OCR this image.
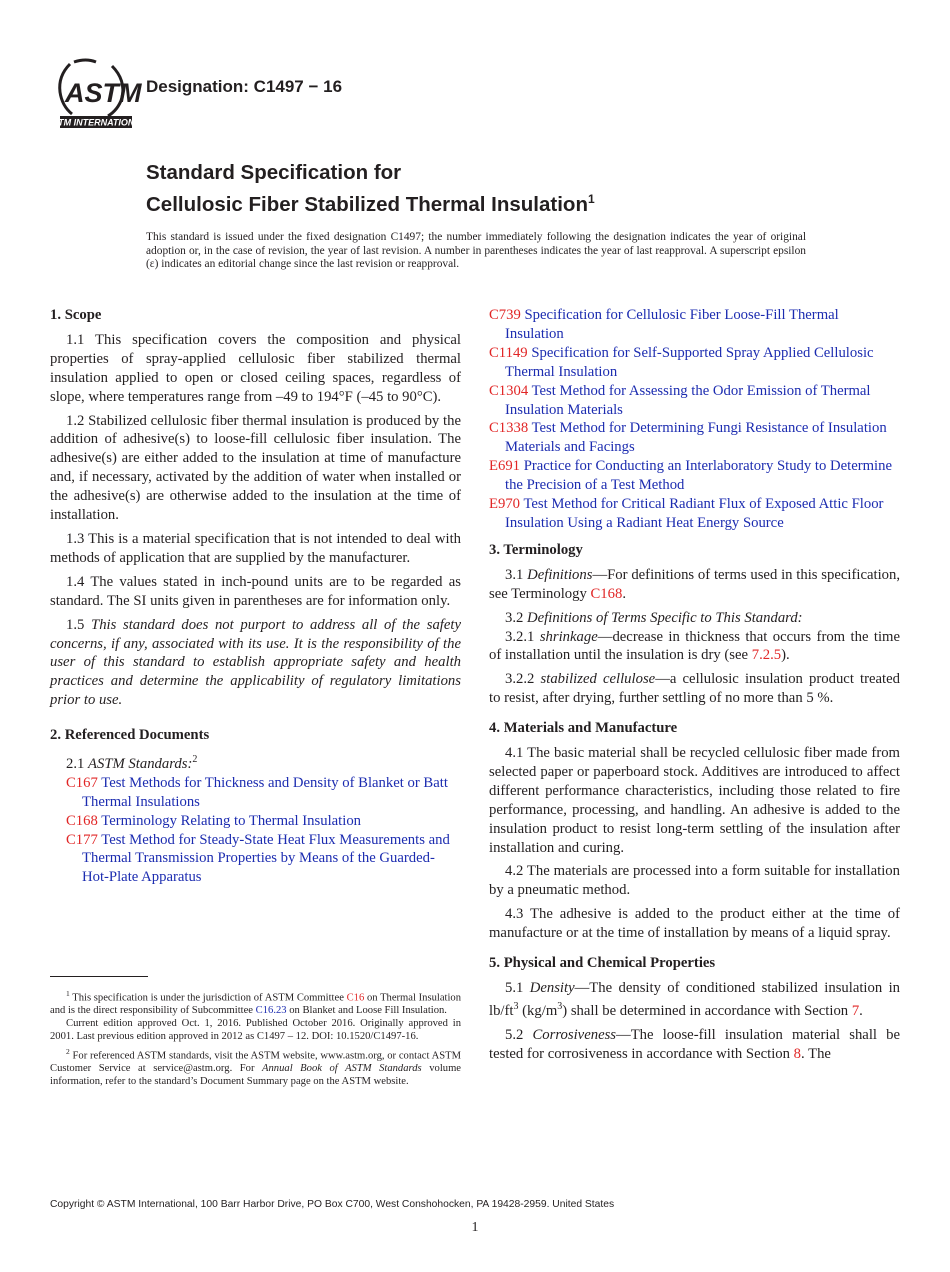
ASTM
ASTM INTERNATIONAL
Designation: C1497 − 16
Standard Specification for
Cellulosic Fiber Stabilized Thermal Insulation$^1$
This standard is issued under the fixed designation C1497; the number immediately following the designation indicates the year of original adoption or, in the case of revision, the year of last revision. A number in parentheses indicates the year of last reapproval. A superscript epsilon (ε) indicates an editorial change since the last revision or reapproval.
1. Scope

1.1 This specification covers the composition and physical properties of spray-applied cellulosic fiber stabilized thermal insulation applied to open or closed ceiling spaces, regardless of slope, where temperatures range from –49 to 194°F (–45 to 90°C).

1.2 Stabilized cellulosic fiber thermal insulation is produced by the addition of adhesive(s) to loose-fill cellulosic fiber insulation. The adhesive(s) are either added to the insulation at time of manufacture and, if necessary, activated by the addition of water when installed or the adhesive(s) are otherwise added to the insulation at the time of installation.

1.3 This is a material specification that is not intended to deal with methods of application that are supplied by the manufacturer.

1.4 The values stated in inch-pound units are to be regarded as standard. The SI units given in parentheses are for information only.

1.5 This standard does not purport to address all of the safety concerns, if any, associated with its use. It is the responsibility of the user of this standard to establish appropriate safety and health practices and determine the applicability of regulatory limitations prior to use.

2. Referenced Documents

2.1 ASTM Standards:$^2$

C167 Test Methods for Thickness and Density of Blanket or Batt Thermal Insulations
C168 Terminology Relating to Thermal Insulation
C177 Test Method for Steady-State Heat Flux Measurements and Thermal Transmission Properties by Means of the Guarded-Hot-Plate Apparatus
C739 Specification for Cellulosic Fiber Loose-Fill Thermal Insulation
C1149 Specification for Self-Supported Spray Applied Cellulosic Thermal Insulation
C1304 Test Method for Assessing the Odor Emission of Thermal Insulation Materials
C1338 Test Method for Determining Fungi Resistance of Insulation Materials and Facings
E691 Practice for Conducting an Interlaboratory Study to Determine the Precision of a Test Method
E970 Test Method for Critical Radiant Flux of Exposed Attic Floor Insulation Using a Radiant Heat Energy Source
3. Terminology

3.1 Definitions—For definitions of terms used in this specification, see Terminology C168.

3.2 Definitions of Terms Specific to This Standard:

3.2.1 shrinkage—decrease in thickness that occurs from the time of installation until the insulation is dry (see 7.2.5).

3.2.2 stabilized cellulose—a cellulosic insulation product treated to resist, after drying, further settling of no more than 5 %.

4. Materials and Manufacture

4.1 The basic material shall be recycled cellulosic fiber made from selected paper or paperboard stock. Additives are introduced to affect different performance characteristics, including those related to fire performance, processing, and handling. An adhesive is added to the insulation product to resist long-term settling of the insulation after installation and curing.

4.2 The materials are processed into a form suitable for installation by a pneumatic method.

4.3 The adhesive is added to the product either at the time of manufacture or at the time of installation by means of a liquid spray.

5. Physical and Chemical Properties

5.1 Density—The density of conditioned stabilized insulation in $lb/ft^3$ $(kg/m^3)$ shall be determined in accordance with Section 7.

5.2 Corrosiveness—The loose-fill insulation material shall be tested for corrosiveness in accordance with Section 8. The

$^1$ This specification is under the jurisdiction of ASTM Committee C16 on Thermal Insulation and is the direct responsibility of Subcommittee C16.23 on Blanket and Loose Fill Insulation.

Current edition approved Oct. 1, 2016. Published October 2016. Originally approved in 2001. Last previous edition approved in 2012 as C1497 – 12. DOI: 10.1520/C1497-16.

$^2$ For referenced ASTM standards, visit the ASTM website, www.astm.org, or contact ASTM Customer Service at service@astm.org. For Annual Book of ASTM Standards volume information, refer to the standard’s Document Summary page on the ASTM website.

Copyright © ASTM International, 100 Barr Harbor Drive, PO Box C700, West Conshohocken, PA 19428-2959. United States
1
